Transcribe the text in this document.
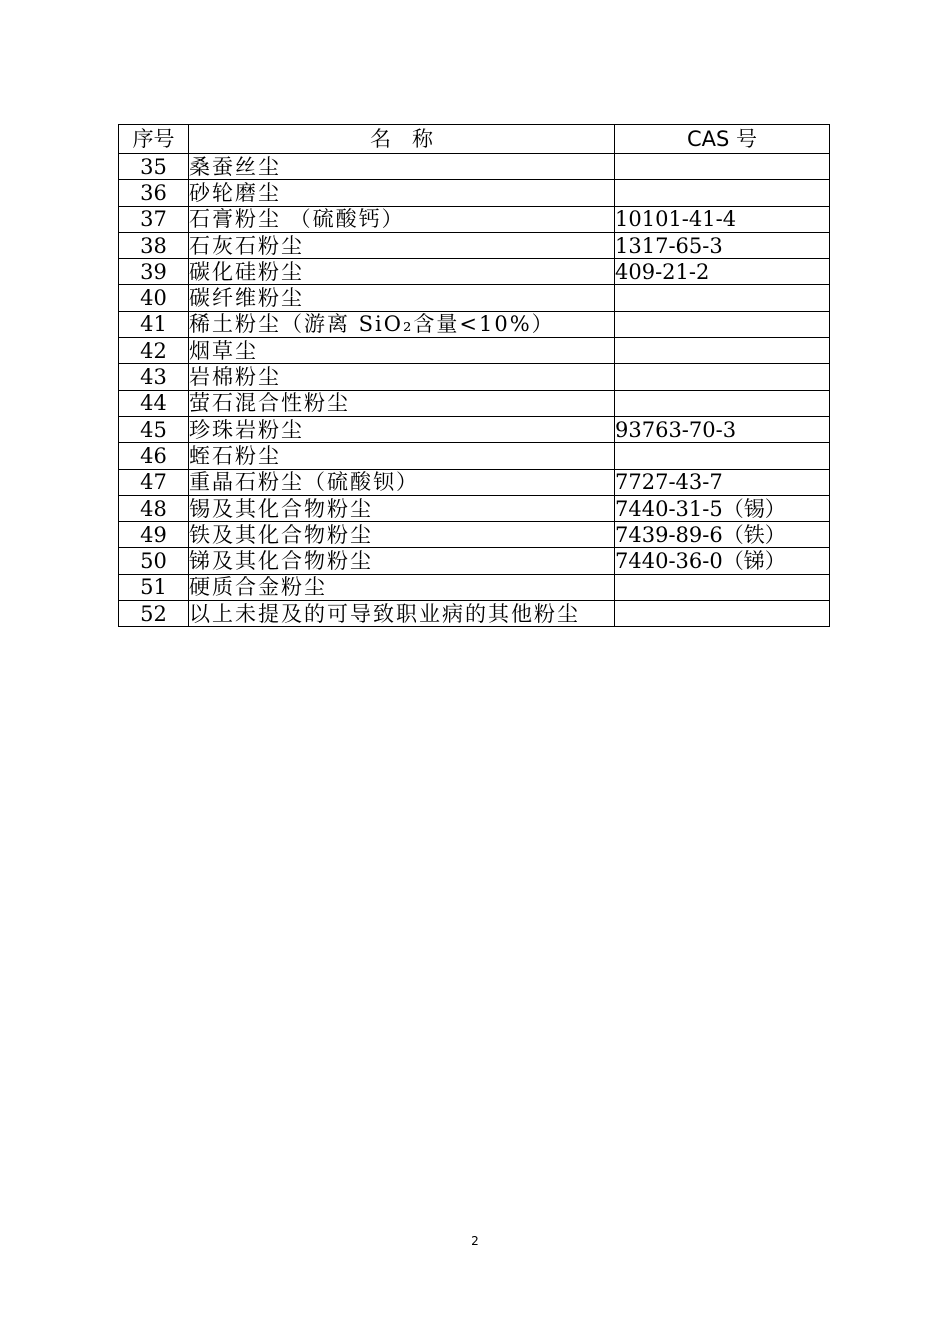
序号	名　称	CAS 号
35	桑蚕丝尘	
36	砂轮磨尘	
37	石膏粉尘 （硫酸钙）	10101-41-4
38	石灰石粉尘	1317-65-3
39	碳化硅粉尘	409-21-2
40	碳纤维粉尘	
41	稀土粉尘（游离 SiO₂含量<10%）	
42	烟草尘	
43	岩棉粉尘	
44	萤石混合性粉尘	
45	珍珠岩粉尘	93763-70-3
46	蛭石粉尘	
47	重晶石粉尘（硫酸钡）	7727-43-7
48	锡及其化合物粉尘	7440-31-5（锡）
49	铁及其化合物粉尘	7439-89-6（铁）
50	锑及其化合物粉尘	7440-36-0（锑）
51	硬质合金粉尘	
52	以上未提及的可导致职业病的其他粉尘	
2
